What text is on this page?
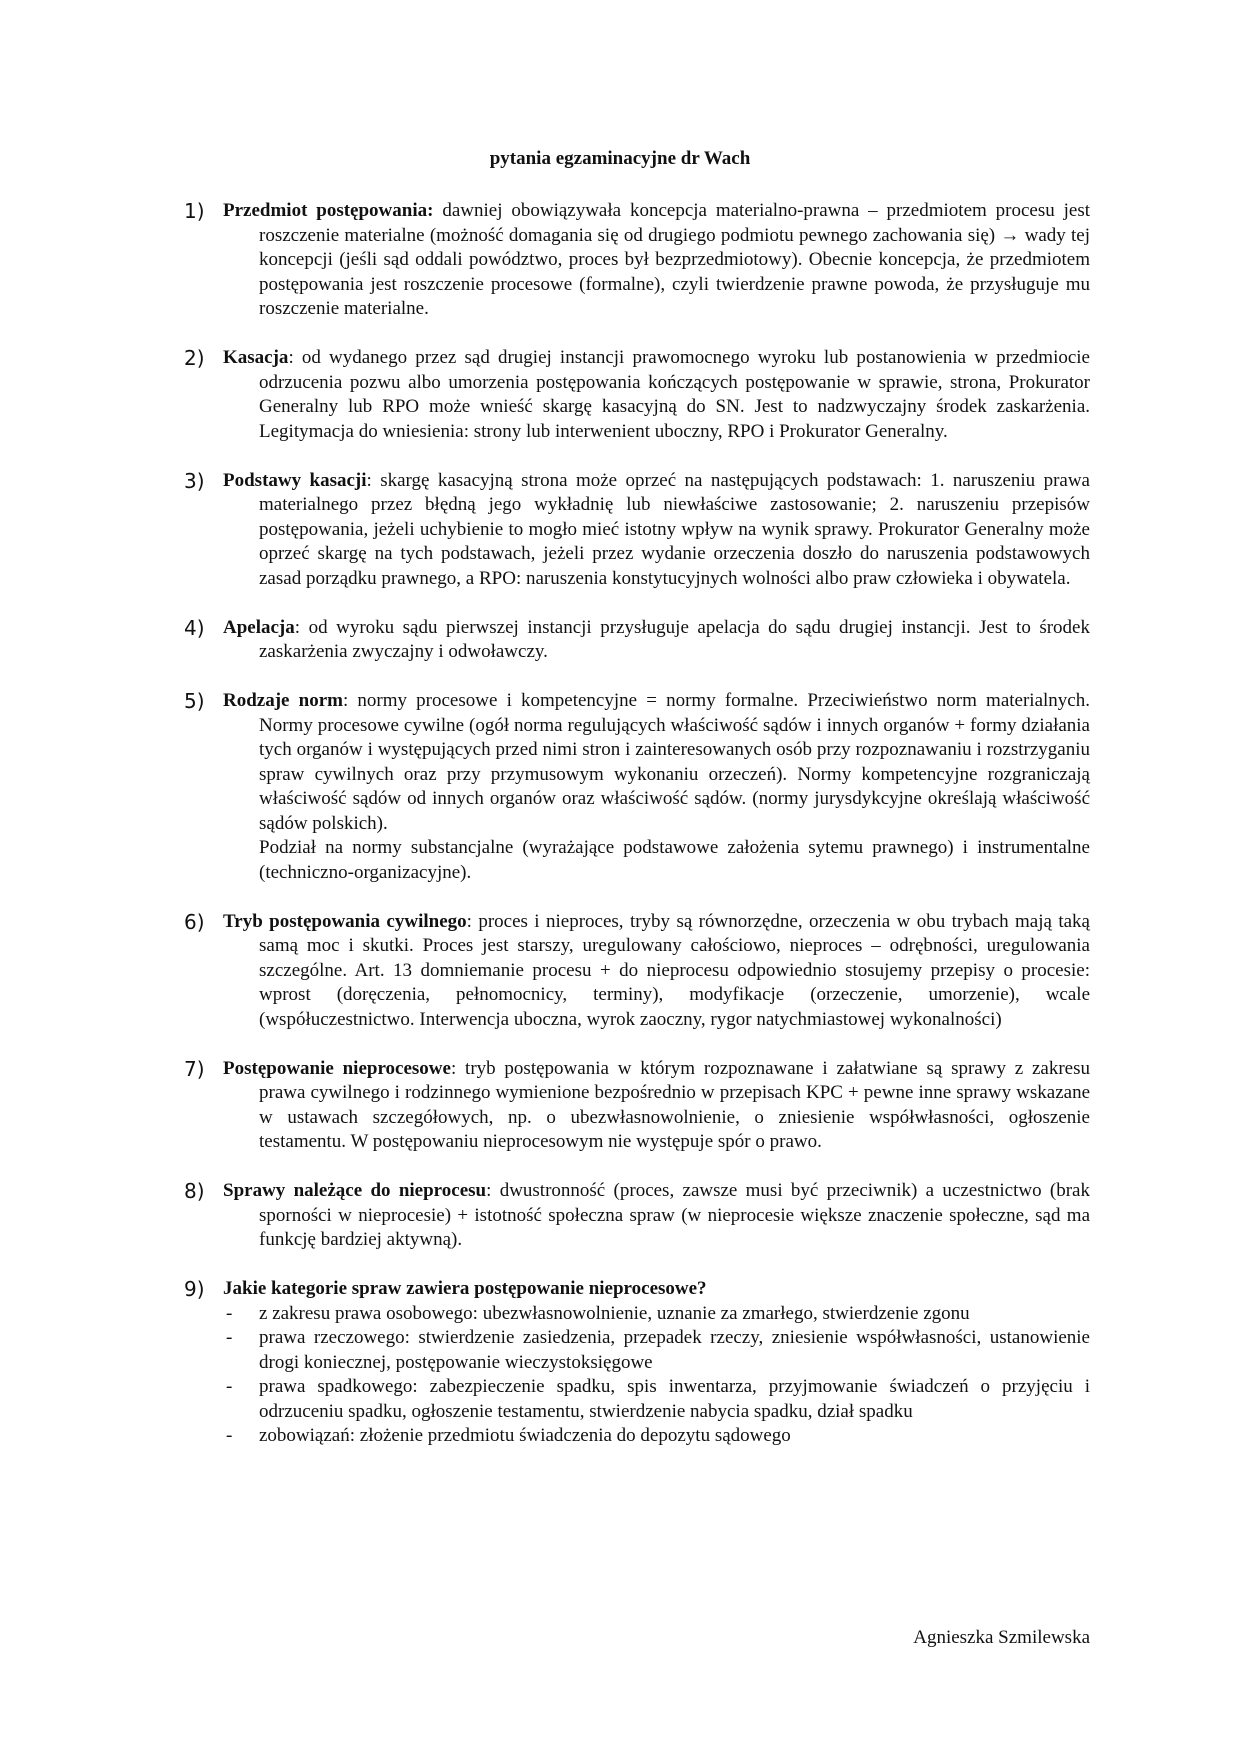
pytania egzaminacyjne dr Wach
1) Przedmiot postępowania: dawniej obowiązywała koncepcja materialno-prawna – przedmiotem procesu jest roszczenie materialne (możność domagania się od drugiego podmiotu pewnego zachowania się) → wady tej koncepcji (jeśli sąd oddali powództwo, proces był bezprzedmiotowy). Obecnie koncepcja, że przedmiotem postępowania jest roszczenie procesowe (formalne), czyli twierdzenie prawne powoda, że przysługuje mu roszczenie materialne.
2) Kasacja: od wydanego przez sąd drugiej instancji prawomocnego wyroku lub postanowienia w przedmiocie odrzucenia pozwu albo umorzenia postępowania kończących postępowanie w sprawie, strona, Prokurator Generalny lub RPO może wnieść skargę kasacyjną do SN. Jest to nadzwyczajny środek zaskarżenia. Legitymacja do wniesienia: strony lub interwenient uboczny, RPO i Prokurator Generalny.
3) Podstawy kasacji: skargę kasacyjną strona może oprzeć na następujących podstawach: 1. naruszeniu prawa materialnego przez błędną jego wykładnię lub niewłaściwe zastosowanie; 2. naruszeniu przepisów postępowania, jeżeli uchybienie to mogło mieć istotny wpływ na wynik sprawy. Prokurator Generalny może oprzeć skargę na tych podstawach, jeżeli przez wydanie orzeczenia doszło do naruszenia podstawowych zasad porządku prawnego, a RPO: naruszenia konstytucyjnych wolności albo praw człowieka i obywatela.
4) Apelacja: od wyroku sądu pierwszej instancji przysługuje apelacja do sądu drugiej instancji. Jest to środek zaskarżenia zwyczajny i odwoławczy.
5) Rodzaje norm: normy procesowe i kompetencyjne = normy formalne. Przeciwieństwo norm materialnych. Normy procesowe cywilne (ogół norma regulujących właściwość sądów i innych organów + formy działania tych organów i występujących przed nimi stron i zainteresowanych osób przy rozpoznawaniu i rozstrzyganiu spraw cywilnych oraz przy przymusowym wykonaniu orzeczeń). Normy kompetencyjne rozgraniczają właściwość sądów od innych organów oraz właściwość sądów. (normy jurysdykcyjne określają właściwość sądów polskich).
Podział na normy substancjalne (wyrażające podstawowe założenia sytemu prawnego) i instrumentalne (techniczno-organizacyjne).
6) Tryb postępowania cywilnego: proces i nieproces, tryby są równorzędne, orzeczenia w obu trybach mają taką samą moc i skutki. Proces jest starszy, uregulowany całościowo, nieproces – odrębności, uregulowania szczególne. Art. 13 domniemanie procesu + do nieprocesu odpowiednio stosujemy przepisy o procesie: wprost (doręczenia, pełnomocnicy, terminy), modyfikacje (orzeczenie, umorzenie), wcale (współuczestnictwo. Interwencja uboczna, wyrok zaoczny, rygor natychmiastowej wykonalności)
7) Postępowanie nieprocesowe: tryb postępowania w którym rozpoznawane i załatwiane są sprawy z zakresu prawa cywilnego i rodzinnego wymienione bezpośrednio w przepisach KPC + pewne inne sprawy wskazane w ustawach szczegółowych, np. o ubezwłasnowolnienie, o zniesienie współwłasności, ogłoszenie testamentu. W postępowaniu nieprocesowym nie występuje spór o prawo.
8) Sprawy należące do nieprocesu: dwustronność (proces, zawsze musi być przeciwnik) a uczestnictwo (brak sporności w nieprocesie) + istotność społeczna spraw (w nieprocesie większe znaczenie społeczne, sąd ma funkcję bardziej aktywną).
9) Jakie kategorie spraw zawiera postępowanie nieprocesowe?
- z zakresu prawa osobowego: ubezwłasnowolnienie, uznanie za zmarłego, stwierdzenie zgonu
- prawa rzeczowego: stwierdzenie zasiedzenia, przepadek rzeczy, zniesienie współwłasności, ustanowienie drogi koniecznej, postępowanie wieczystoksięgowe
- prawa spadkowego: zabezpieczenie spadku, spis inwentarza, przyjmowanie świadczeń o przyjęciu i odrzuceniu spadku, ogłoszenie testamentu, stwierdzenie nabycia spadku, dział spadku
- zobowiązań: złożenie przedmiotu świadczenia do depozytu sądowego
Agnieszka Szmilewska
